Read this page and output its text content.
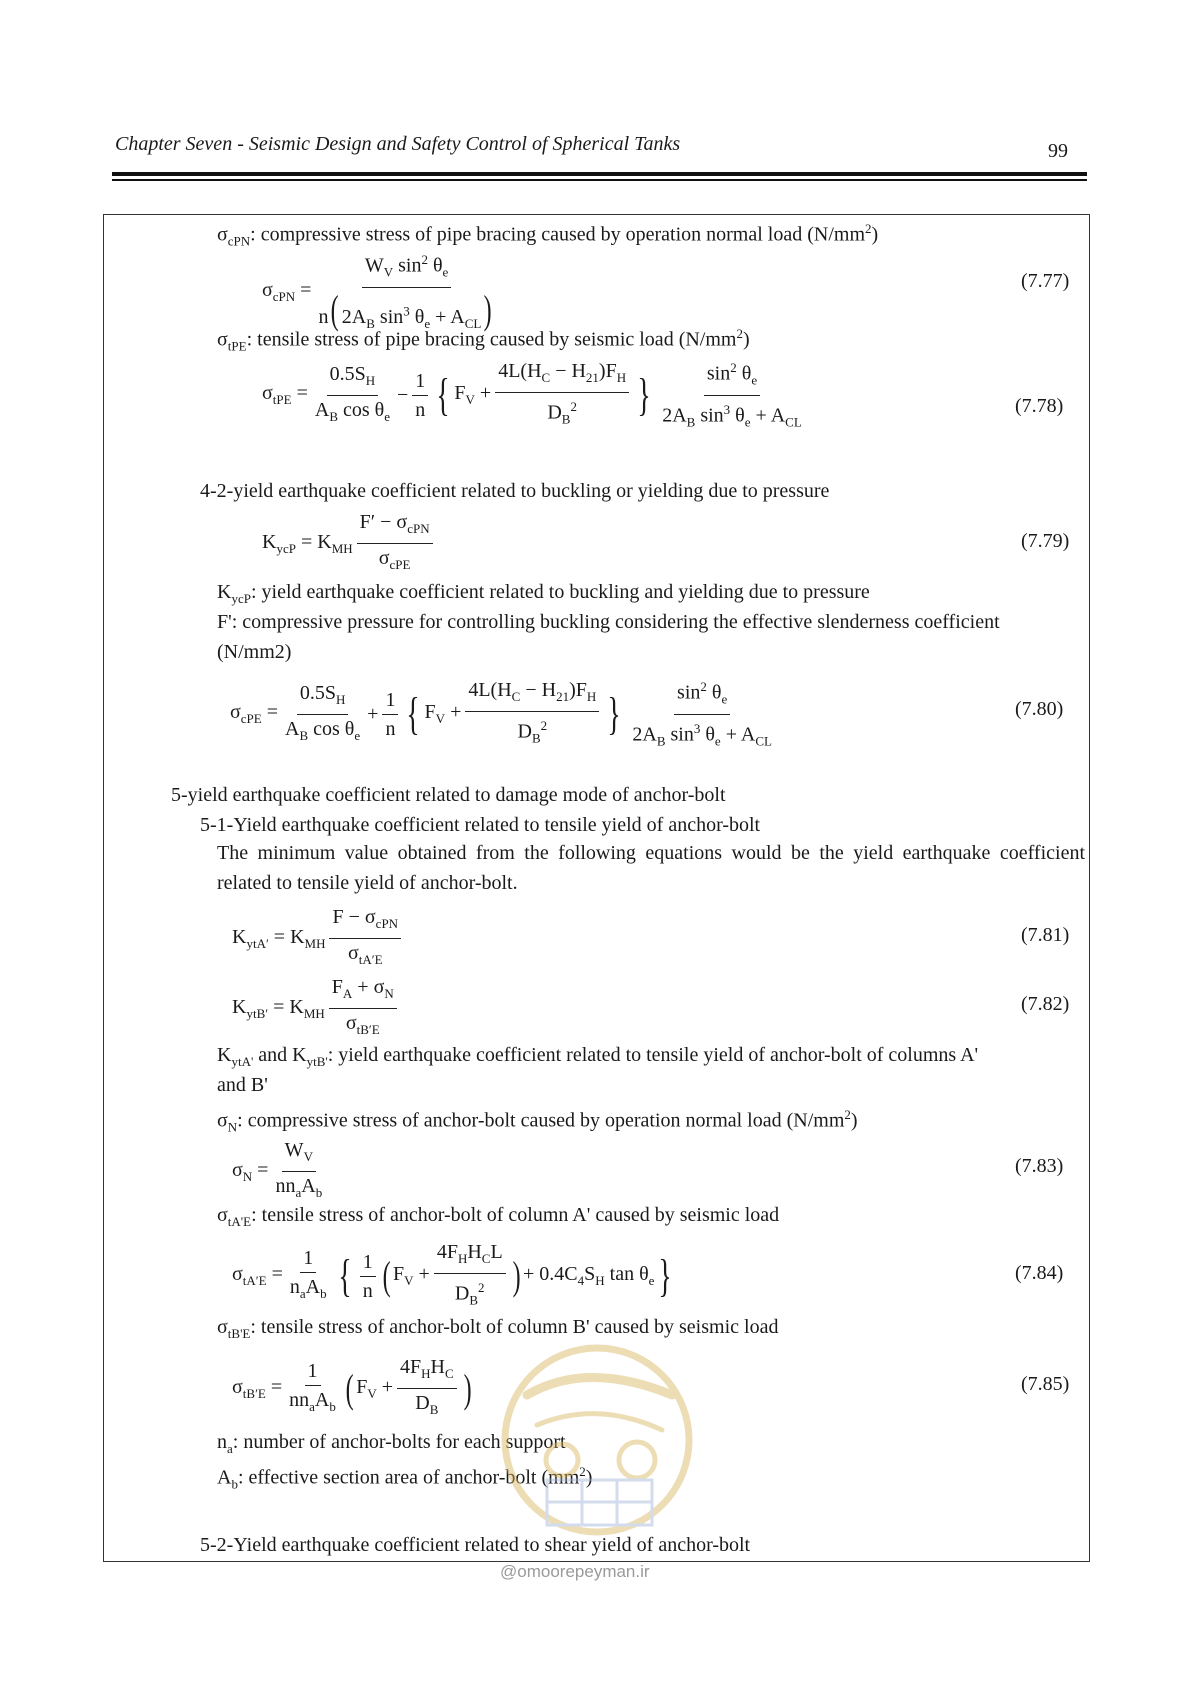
Chapter Seven - Seismic Design and Safety Control of Spherical Tanks	99
$\sigma_{cPN}$: compressive stress of pipe bracing caused by operation normal load $(N/mm^2)$
$\sigma_{cPN} = \frac{W_V \sin^2 \theta_e}{n( 2A_B \sin^3 \theta_e + A_{CL})}$	(7.77)
$\sigma_{tPE}$: tensile stress of pipe bracing caused by seismic load $(N/mm^2)$
$\sigma_{tPE} = \frac{0.5S_H}{A_B \cos \theta_e} - \frac{1}{n}$ { $F_V + \frac{4L(H_C - H_{21})F_H}{D_B^2}$ } $\frac{\sin^2 \theta_e}{2A_B \sin^3 \theta_e + A_{CL}}$	(7.78)
4-2-yield earthquake coefficient related to buckling or yielding due to pressure
$K_{ycP} = K_{MH} \frac{F' - \sigma_{cPN}}{\sigma_{cPE}}$	(7.79)
$K_{ycP}$: yield earthquake coefficient related to buckling and yielding due to pressure
F': compressive pressure for controlling buckling considering the effective slenderness coefficient
(N/mm2)
$\sigma_{cPE} = \frac{0.5S_H}{A_B \cos \theta_e} + \frac{1}{n}$ { $F_V + \frac{4L(H_C - H_{21})F_H}{D_B^2}$ } $\frac{\sin^2 \theta_e}{2A_B \sin^3 \theta_e + A_{CL}}$	(7.80)
5-yield earthquake coefficient related to damage mode of anchor-bolt
5-1-Yield earthquake coefficient related to tensile yield of anchor-bolt
The minimum value obtained from the following equations would be the yield earthquake coefficient related to tensile yield of anchor-bolt.
$K_{ytA'} = K_{MH} \frac{F - \sigma_{cPN}}{\sigma_{tA'E}}$	(7.81)
$K_{ytB'} = K_{MH} \frac{F_A + \sigma_N}{\sigma_{tB'E}}$	(7.82)
$K_{ytA'}$ and $K_{ytB'}$: yield earthquake coefficient related to tensile yield of anchor-bolt of columns A'
and B'
$\sigma_N$: compressive stress of anchor-bolt caused by operation normal load $(N/mm^2)$
$\sigma_N = \frac{W_V}{nn_aA_b}$	(7.83)
$\sigma_{tA'E}$: tensile stress of anchor-bolt of column A' caused by seismic load
$\sigma_{tA'E} = \frac{1}{n_aA_b}$ { $\frac{1}{n}$ ( $F_V + \frac{4F_HH_CL}{D_B^2}$ ) + $0.4C_4S_H$ $\tan \theta_e$ }	(7.84)
$\sigma_{tB'E}$: tensile stress of anchor-bolt of column B' caused by seismic load
$\sigma_{tB'E} = \frac{1}{nn_aA_b}$ ( $F_V + \frac{4F_HH_C}{D_B}$ )	(7.85)
$n_a$: number of anchor-bolts for each support
$A_b$: effective section area of anchor-bolt $(mm^2)$
5-2-Yield earthquake coefficient related to shear yield of anchor-bolt
@omoorepeyman.ir
